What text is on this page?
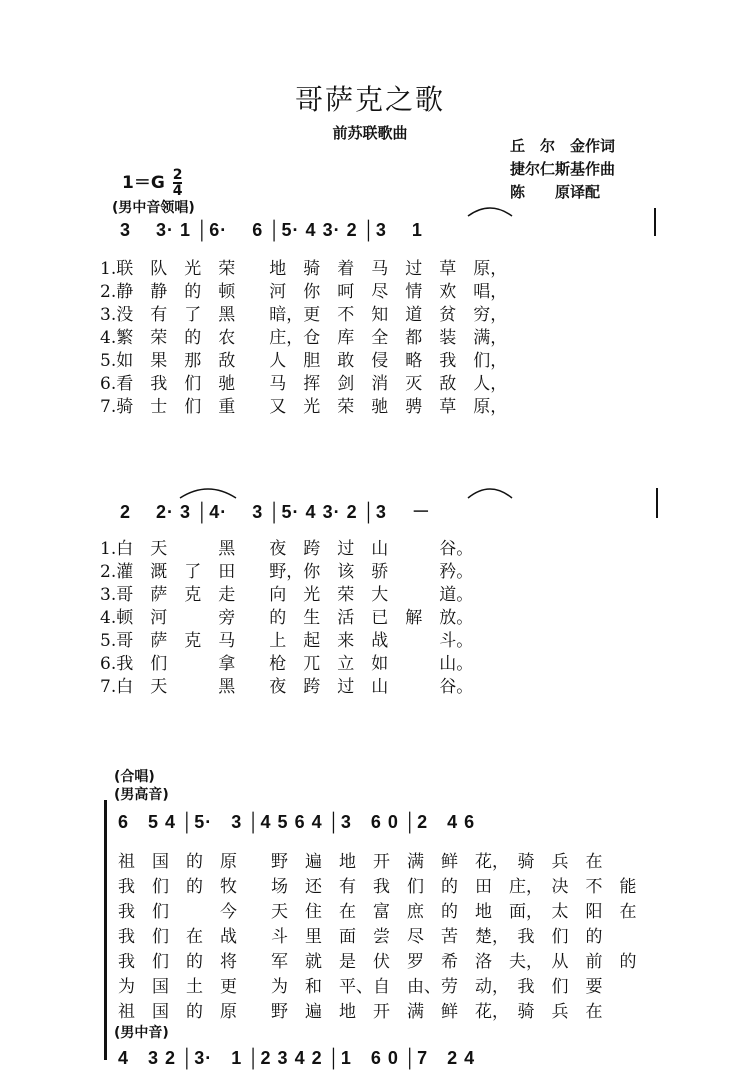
哥萨克之歌
前苏联歌曲
丘　尔　金作词
捷尔仁斯基作曲
陈　　原译配
$1=G \frac{2}{4}$
(男中音领唱)
3　 3· 1 │6·　 6 │5· 4 3· 2 │3　 1
1.联　队　光　荣　　地　骑　着　马　过　草　原，
2.静　静　的　顿　　河　你　呵　尽　情　欢　唱，
3.没　有　了　黑　　暗，更　不　知　道　贫　穷，
4.繁　荣　的　农　　庄，仓　库　全　都　装　满，
5.如　果　那　敌　　人　胆　敢　侵　略　我　们，
6.看　我　们　驰　　马　挥　剑　消　灭　敌　人，
7.骑　士　们　重　　又　光　荣　驰　骋　草　原，
2　 2· 3 │4·　 3 │5· 4 3· 2 │3　 －
1.白　天　　　黑　　夜　跨　过　山　　　谷。
2.灌　溉　了　田　　野，你　该　骄　　　矜。
3.哥　萨　克　走　　向　光　荣　大　　　道。
4.顿　河　　　旁　　的　生　活　已　解　放。
5.哥　萨　克　马　　上　起　来　战　　　斗。
6.我　们　　　拿　　枪　兀　立　如　　　山。
7.白　天　　　黑　　夜　跨　过　山　　　谷。
(合唱)
(男高音)
6　5 4 │5·　3 │4 5 6 4 │3　6 0 │2　4 6
祖　国　的　原　　野　遍　地　开　满　鲜　花，　骑　兵　在
我　们　的　牧　　场　还　有　我　们　的　田　庄，　决　不　能
我　们　　　今　　天　住　在　富　庶　的　地　面，　太　阳　在
我　们　在　战　　斗　里　面　尝　尽　苦　楚，　我　们　的
我　们　的　将　　军　就　是　伏　罗　希　洛　夫，　从　前　的
为　国　土　更　　为　和　平、自　由、劳　动，　我　们　要
祖　国　的　原　　野　遍　地　开　满　鲜　花，　骑　兵　在
(男中音)
4　3 2 │3·　1 │2 3 4 2 │1　6 0 │7　2 4
